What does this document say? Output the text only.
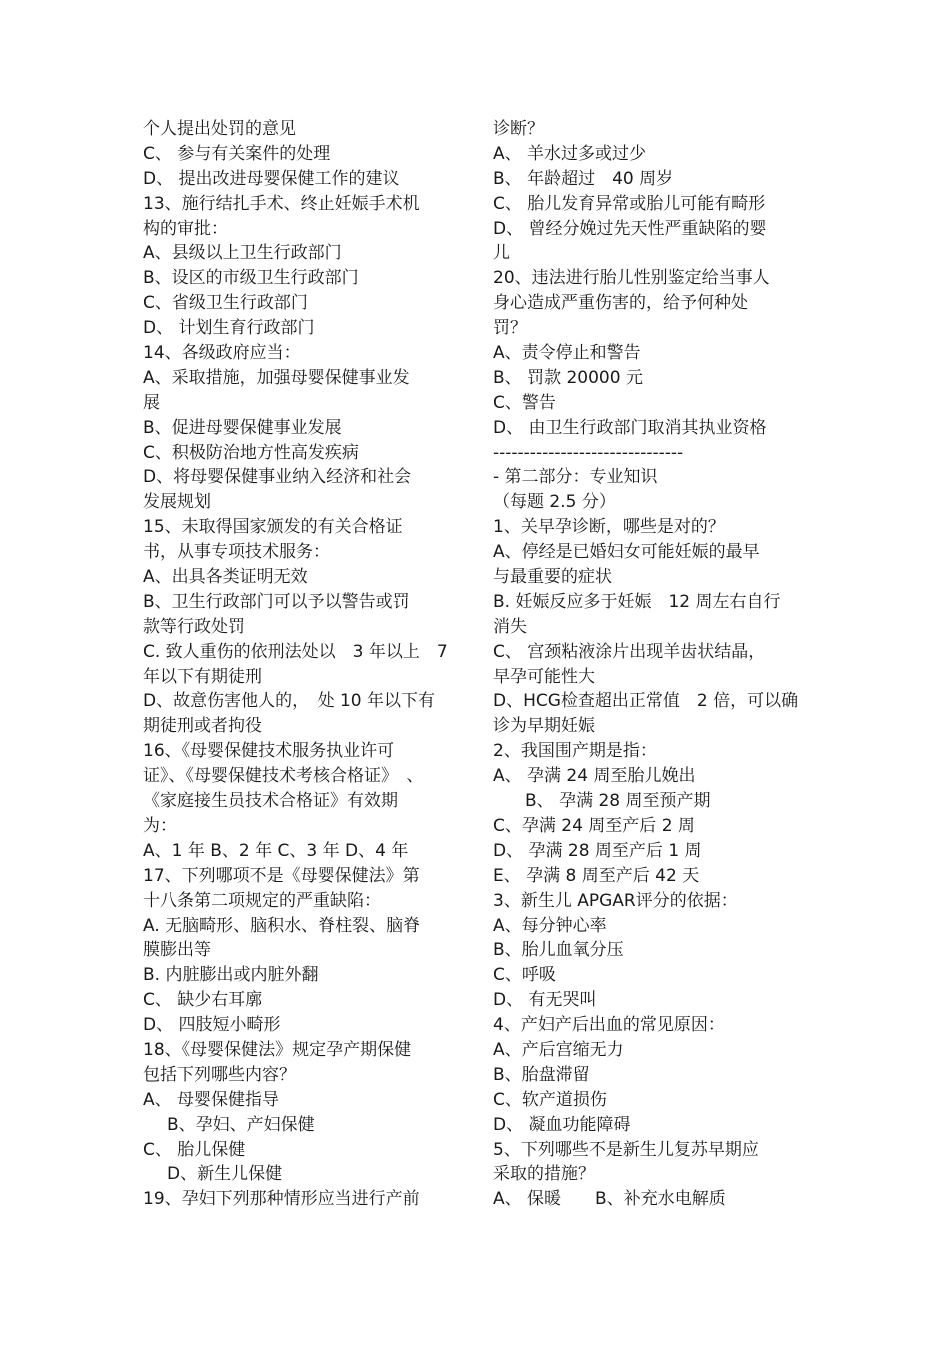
个人提出处罚的意见
C、 参与有关案件的处理
D、 提出改进母婴保健工作的建议
13、施行结扎手术、终止妊娠手术机
构的审批：
A、县级以上卫生行政部门
B、设区的市级卫生行政部门
C、省级卫生行政部门
D、 计划生育行政部门
14、各级政府应当：
A、采取措施，加强母婴保健事业发
展
B、促进母婴保健事业发展
C、积极防治地方性高发疾病
D、将母婴保健事业纳入经济和社会
发展规划
15、未取得国家颁发的有关合格证
书，从事专项技术服务：
A、出具各类证明无效
B、卫生行政部门可以予以警告或罚
款等行政处罚
C. 致人重伤的依刑法处以　3 年以上　7
年以下有期徒刑
D、故意伤害他人的，　处 10 年以下有
期徒刑或者拘役
16、《母婴保健技术服务执业许可
证》、《母婴保健技术考核合格证》　、
《家庭接生员技术合格证》有效期
为：
A、1 年 B、2 年 C、3 年 D、4 年
17、下列哪项不是《母婴保健法》第
十八条第二项规定的严重缺陷：
A. 无脑畸形、脑积水、脊柱裂、脑脊
膜膨出等
B. 内脏膨出或内脏外翻
C、 缺少右耳廓
D、 四肢短小畸形
18、《母婴保健法》规定孕产期保健
包括下列哪些内容？
A、 母婴保健指导
B、孕妇、产妇保健
C、 胎儿保健
D、新生儿保健
19、孕妇下列那种情形应当进行产前
诊断？
A、 羊水过多或过少
B、 年龄超过　40 周岁
C、 胎儿发育异常或胎儿可能有畸形
D、 曾经分娩过先天性严重缺陷的婴
儿
20、违法进行胎儿性别鉴定给当事人
身心造成严重伤害的，给予何种处
罚？
A、责令停止和警告
B、 罚款 20000 元
C、警告
D、 由卫生行政部门取消其执业资格
-------------------------------
- 第二部分：专业知识
（每题 2.5 分）
1、关早孕诊断，哪些是对的？
A、停经是已婚妇女可能妊娠的最早
与最重要的症状
B. 妊娠反应多于妊娠　12 周左右自行
消失
C、 宫颈粘液涂片出现羊齿状结晶，
早孕可能性大
D、HCG检查超出正常值　2 倍，可以确
诊为早期妊娠
2、我国围产期是指：
A、 孕满 24 周至胎儿娩出
B、 孕满 28 周至预产期
C、孕满 24 周至产后 2 周
D、 孕满 28 周至产后 1 周
E、 孕满 8 周至产后 42 天
3、新生儿 APGAR评分的依据：
A、每分钟心率
B、胎儿血氧分压
C、呼吸
D、 有无哭叫
4、产妇产后出血的常见原因：
A、产后宫缩无力
B、胎盘滞留
C、软产道损伤
D、 凝血功能障碍
5、下列哪些不是新生儿复苏早期应
采取的措施？
A、 保暖　　B、补充水电解质
